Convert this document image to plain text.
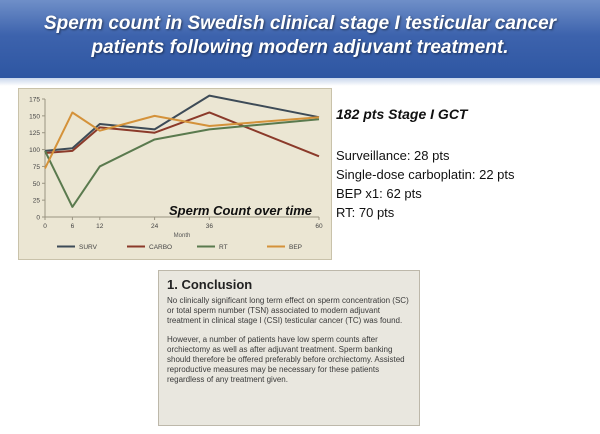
Sperm count in Swedish clinical stage I testicular cancer
patients following modern adjuvant treatment.
0
25
50
75
100
125
150
175
0	6	12	24	36	60
Month
SURV	CARBO	RT	BEP
Sperm Count over time
182 pts Stage I GCT
Surveillance: 28 pts
Single-dose carboplatin: 22 pts
BEP x1: 62 pts
RT: 70 pts
1. Conclusion
No clinically significant long term effect on sperm concentration (SC) or total sperm number (TSN) associated to modern adjuvant treatment in clinical stage I (CSI) testicular cancer (TC) was found.
However, a number of patients have low sperm counts after orchiectomy as well as after adjuvant treatment. Sperm banking should therefore be offered preferably before orchiectomy. Assisted reproductive measures may be necessary for these patients regardless of any treatment given.
